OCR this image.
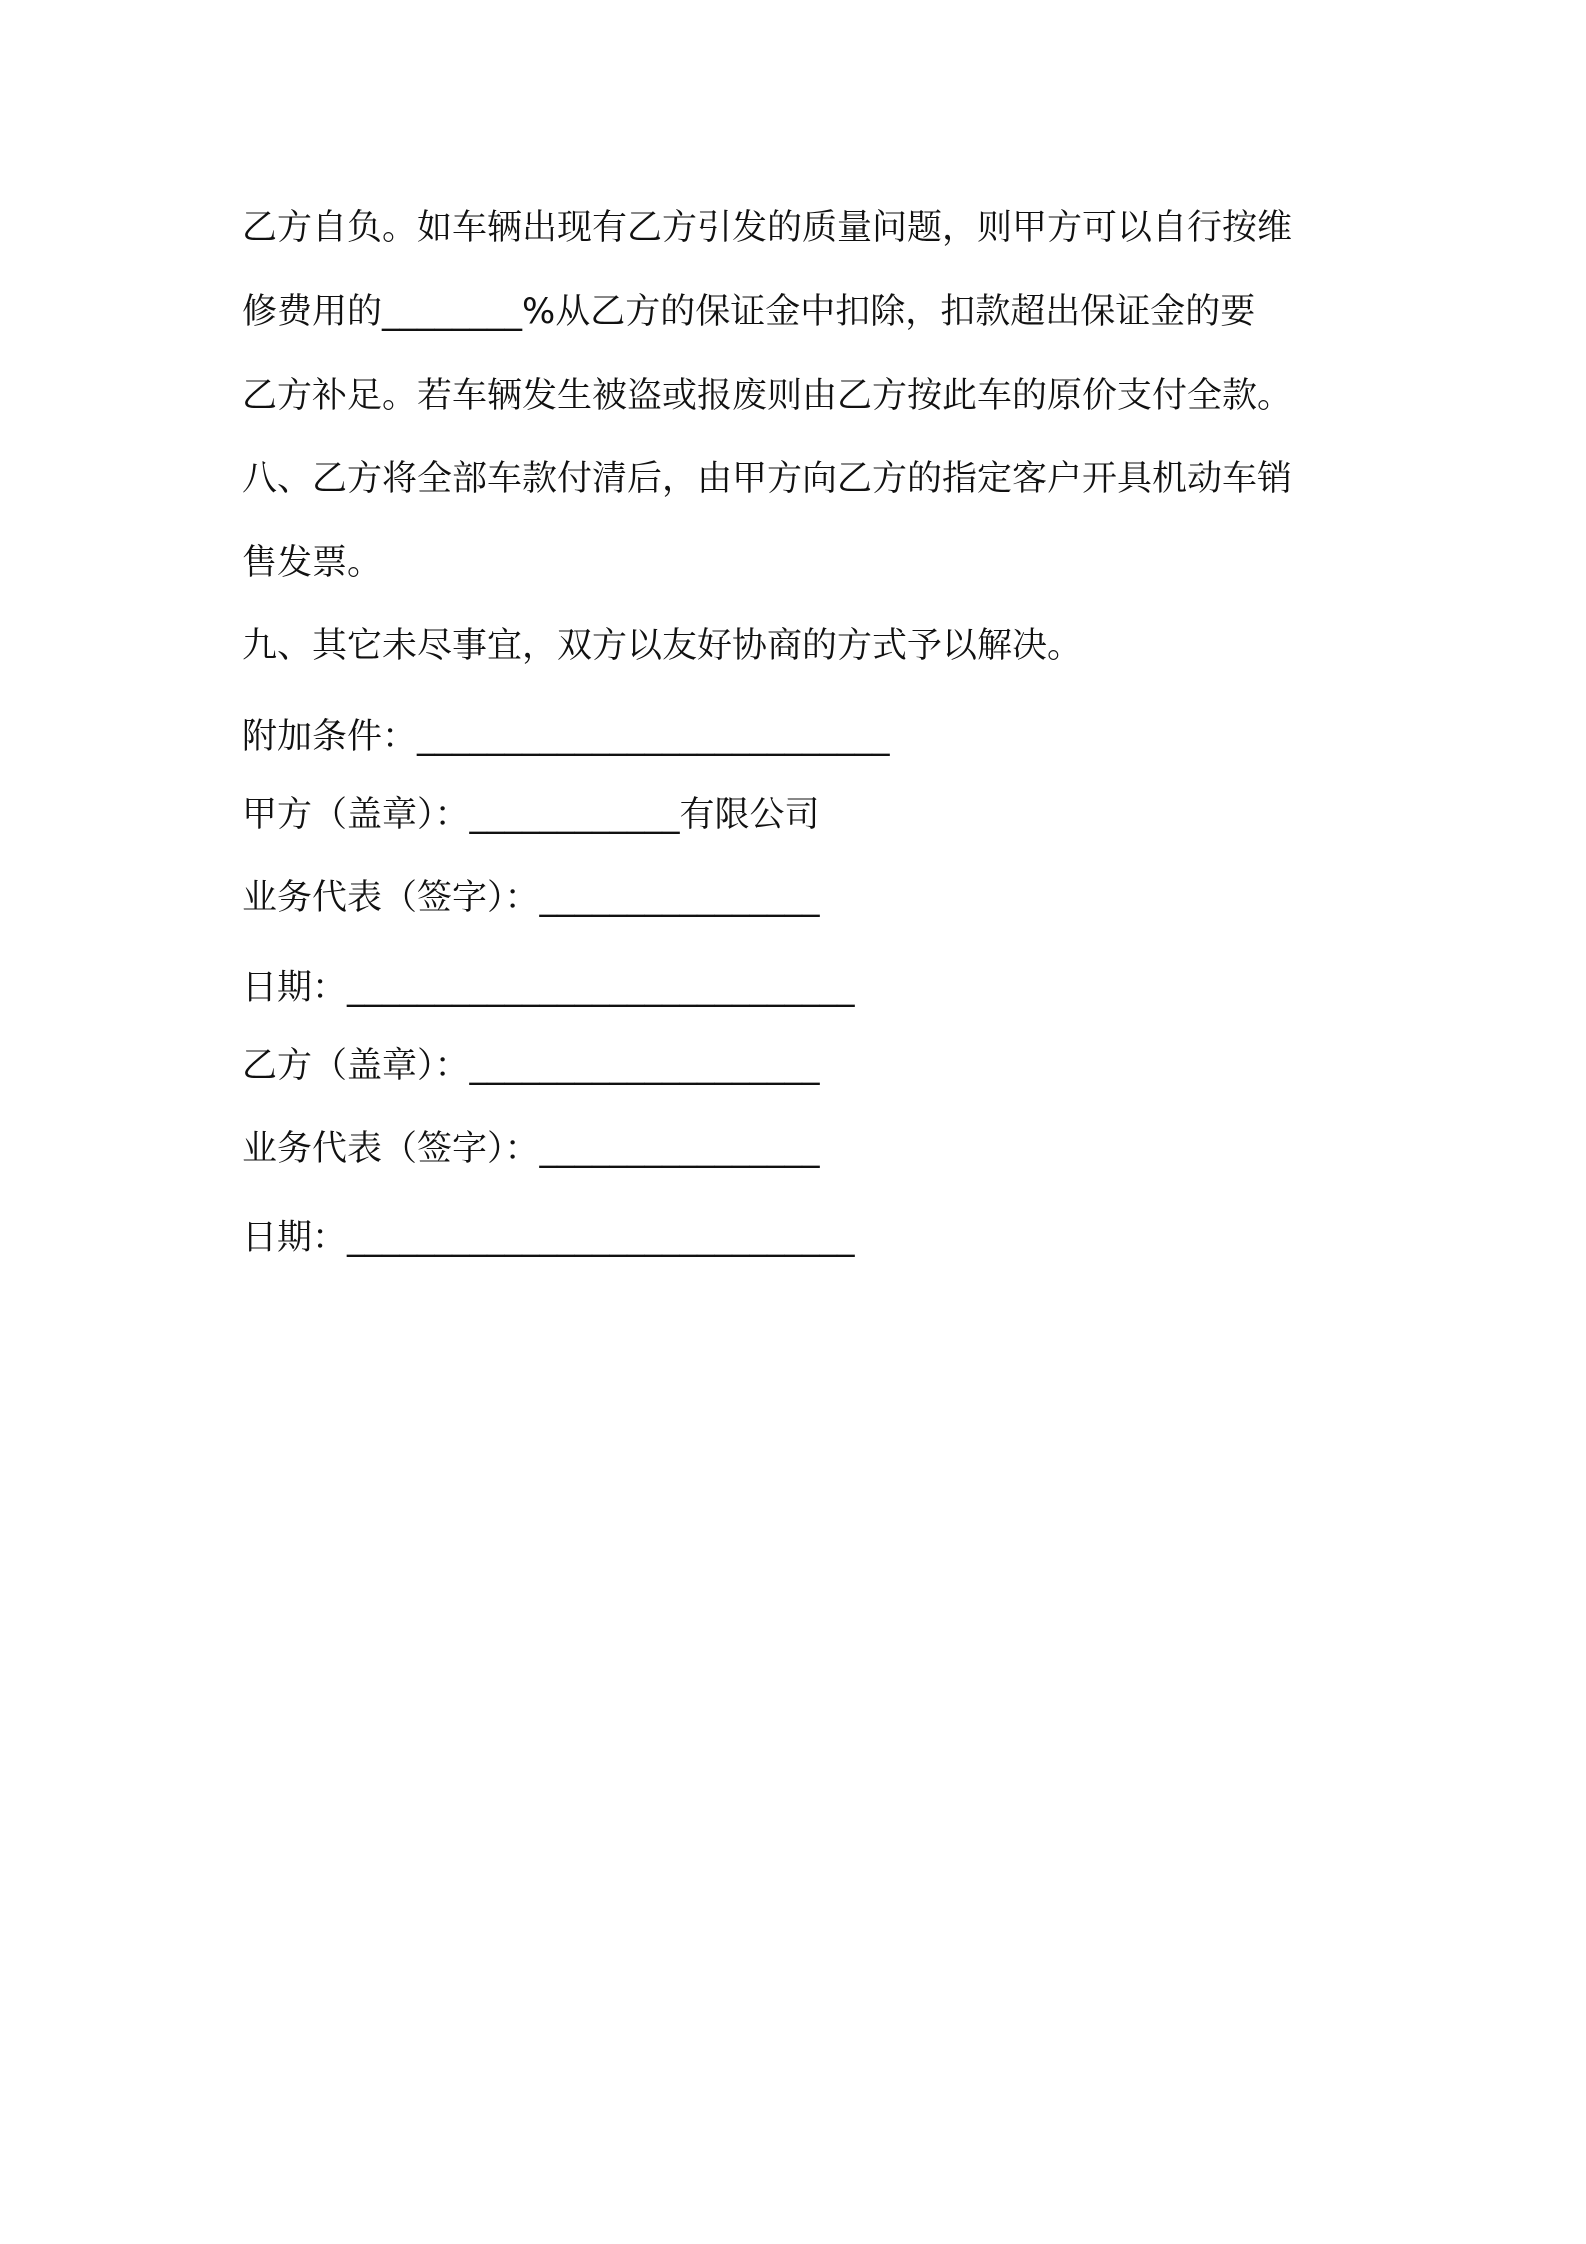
乙方自负。如车辆出现有乙方引发的质量问题，则甲方可以自行按维
修费用的________%从乙方的保证金中扣除，扣款超出保证金的要
乙方补足。若车辆发生被盗或报废则由乙方按此车的原价支付全款。
八、乙方将全部车款付清后，由甲方向乙方的指定客户开具机动车销
售发票。
九、其它未尽事宜，双方以友好协商的方式予以解决。
附加条件：___________________________
甲方（盖章）：____________有限公司
业务代表（签字）：________________
日期：_____________________________
乙方（盖章）：____________________
业务代表（签字）：________________
日期：_____________________________
